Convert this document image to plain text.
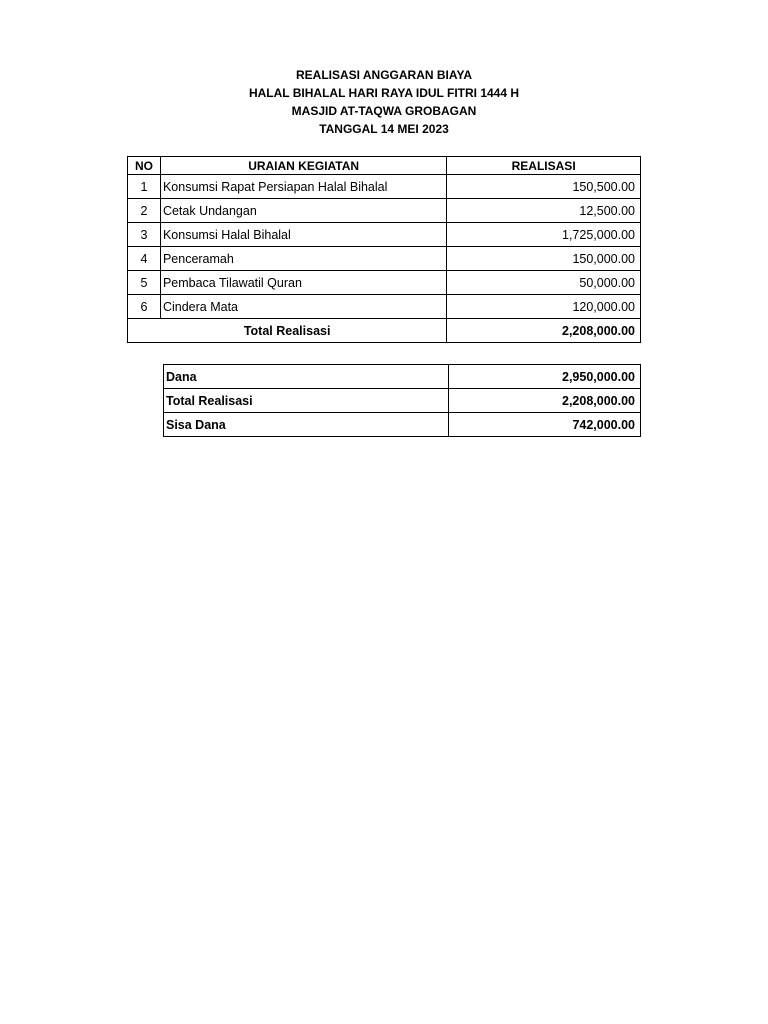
REALISASI ANGGARAN BIAYA
HALAL BIHALAL HARI RAYA IDUL FITRI 1444 H
MASJID AT-TAQWA GROBAGAN
TANGGAL 14 MEI 2023
NO	URAIAN KEGIATAN	REALISASI
1	Konsumsi Rapat Persiapan Halal Bihalal	150,500.00
2	Cetak Undangan	12,500.00
3	Konsumsi Halal Bihalal	1,725,000.00
4	Penceramah	150,000.00
5	Pembaca Tilawatil Quran	50,000.00
6	Cindera Mata	120,000.00
Total Realisasi		2,208,000.00
Dana	2,950,000.00
Total Realisasi	2,208,000.00
Sisa Dana	742,000.00
